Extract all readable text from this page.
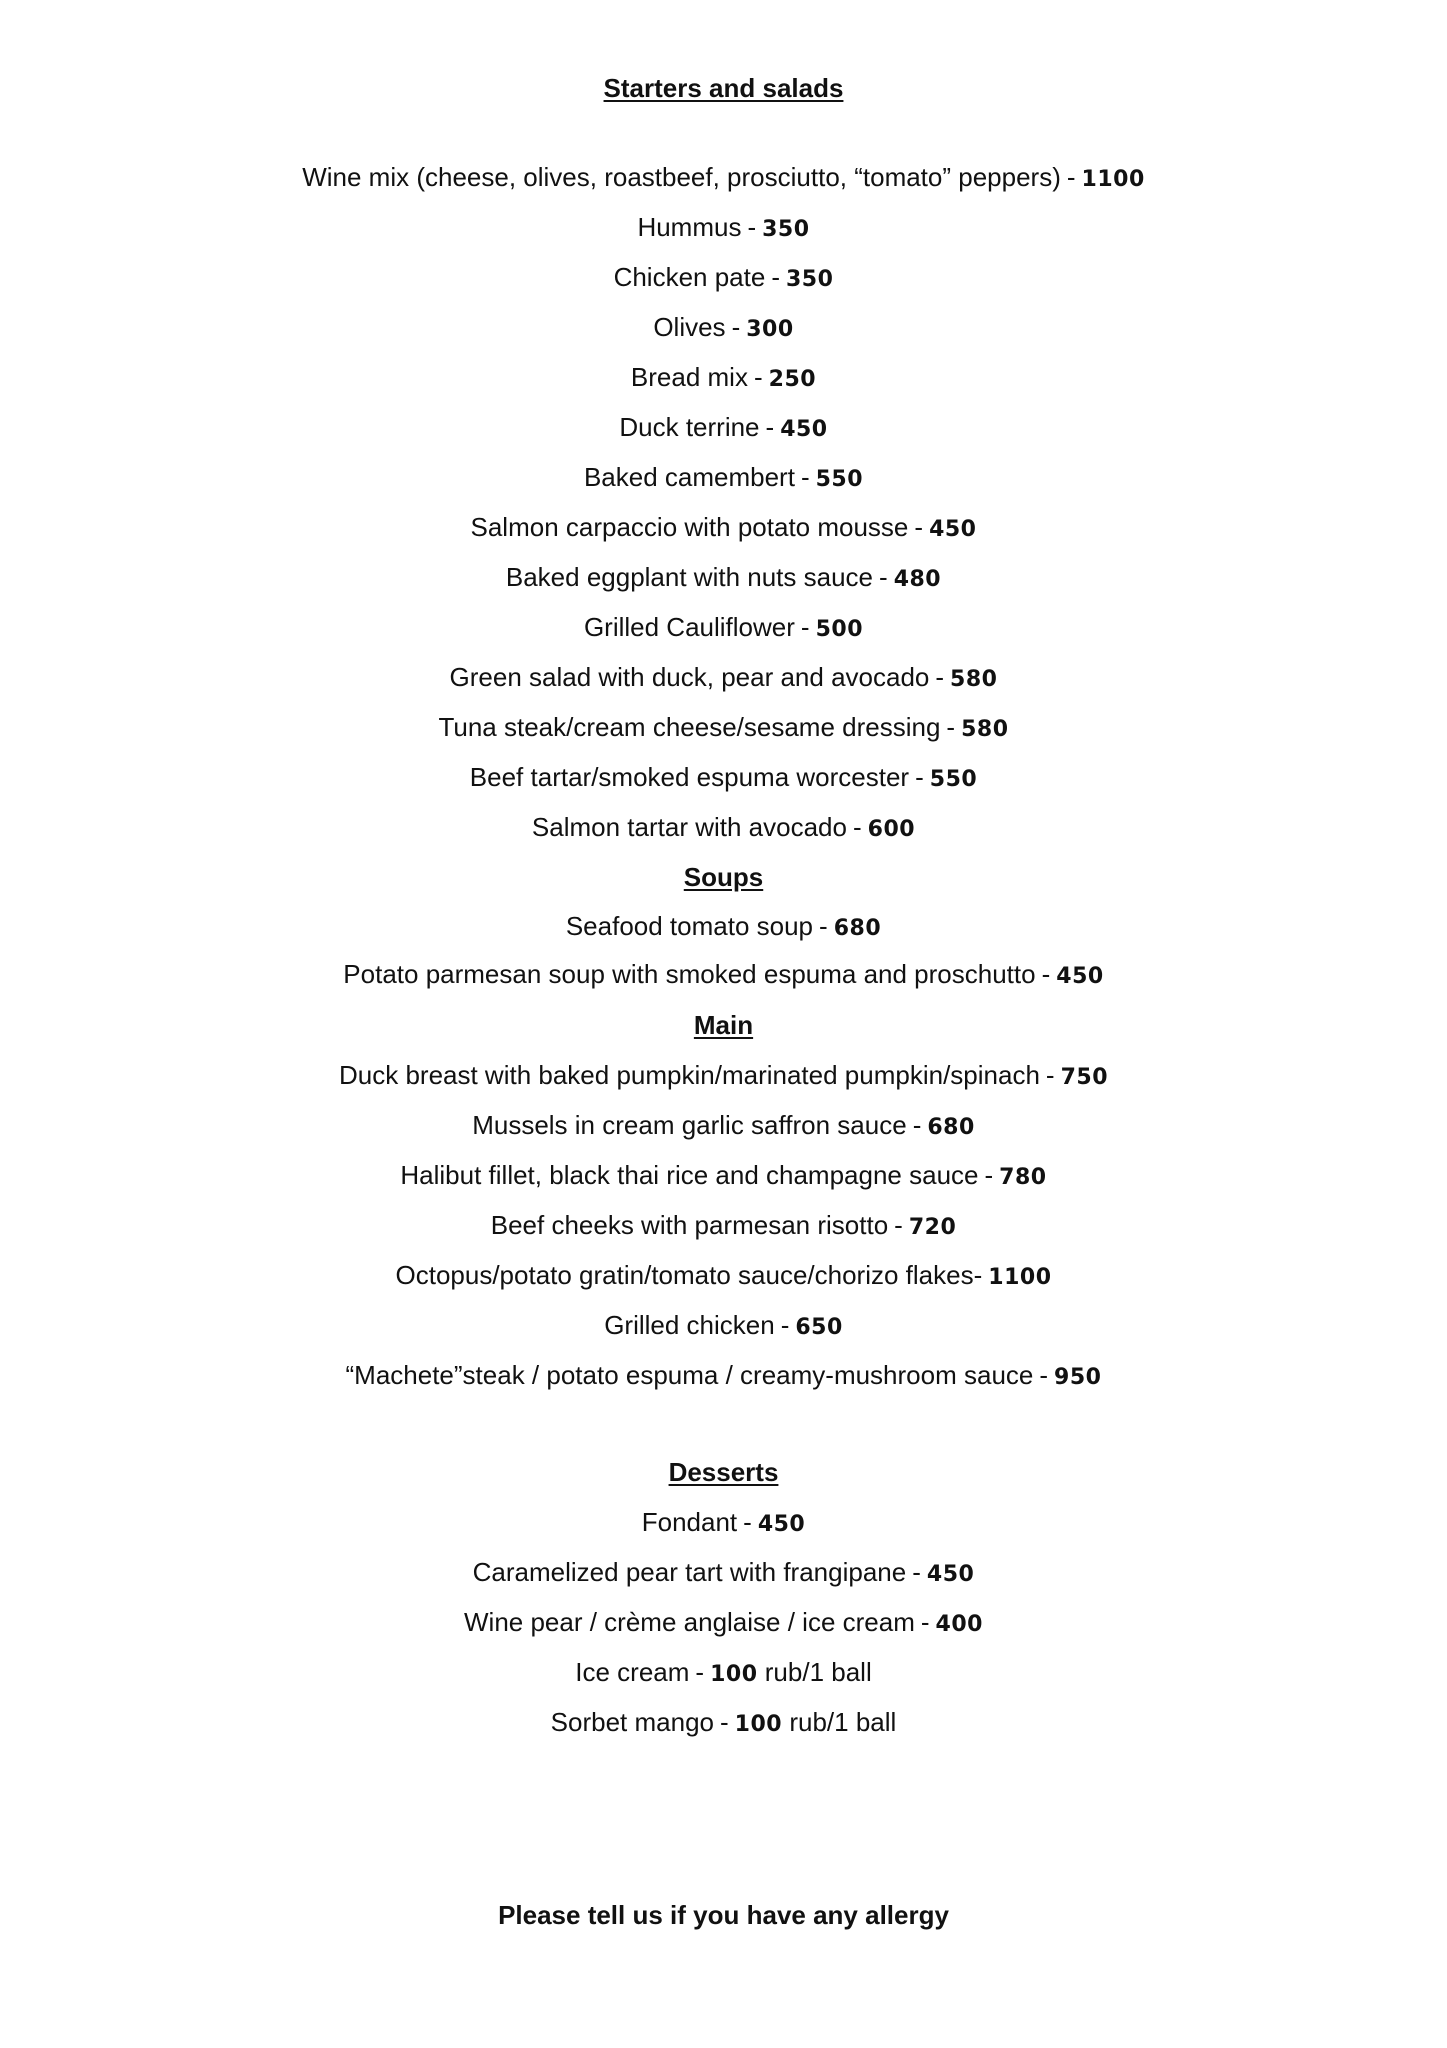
Starters and salads
Wine mix (cheese, olives, roastbeef, prosciutto, “tomato” peppers) - 1100
Hummus - 350
Chicken pate - 350
Olives - 300
Bread mix - 250
Duck terrine - 450
Baked camembert - 550
Salmon carpaccio with potato mousse - 450
Baked eggplant with nuts sauce - 480
Grilled Cauliflower - 500
Green salad with duck, pear and avocado - 580
Tuna steak/cream cheese/sesame dressing - 580
Beef tartar/smoked espuma worcester - 550
Salmon tartar with avocado - 600
Soups
Seafood tomato soup - 680
Potato parmesan soup with smoked espuma and proschutto - 450
Main
Duck breast with baked pumpkin/marinated pumpkin/spinach - 750
Mussels in cream garlic saffron sauce - 680
Halibut fillet, black thai rice and champagne sauce - 780
Beef cheeks with parmesan risotto - 720
Octopus/potato gratin/tomato sauce/chorizo flakes- 1100
Grilled chicken - 650
“Machete”steak / potato espuma / creamy-mushroom sauce - 950
Desserts
Fondant - 450
Caramelized pear tart with frangipane - 450
Wine pear / crème anglaise / ice cream - 400
Ice cream - 100 rub/1 ball
Sorbet mango - 100 rub/1 ball
Please tell us if you have any allergy
